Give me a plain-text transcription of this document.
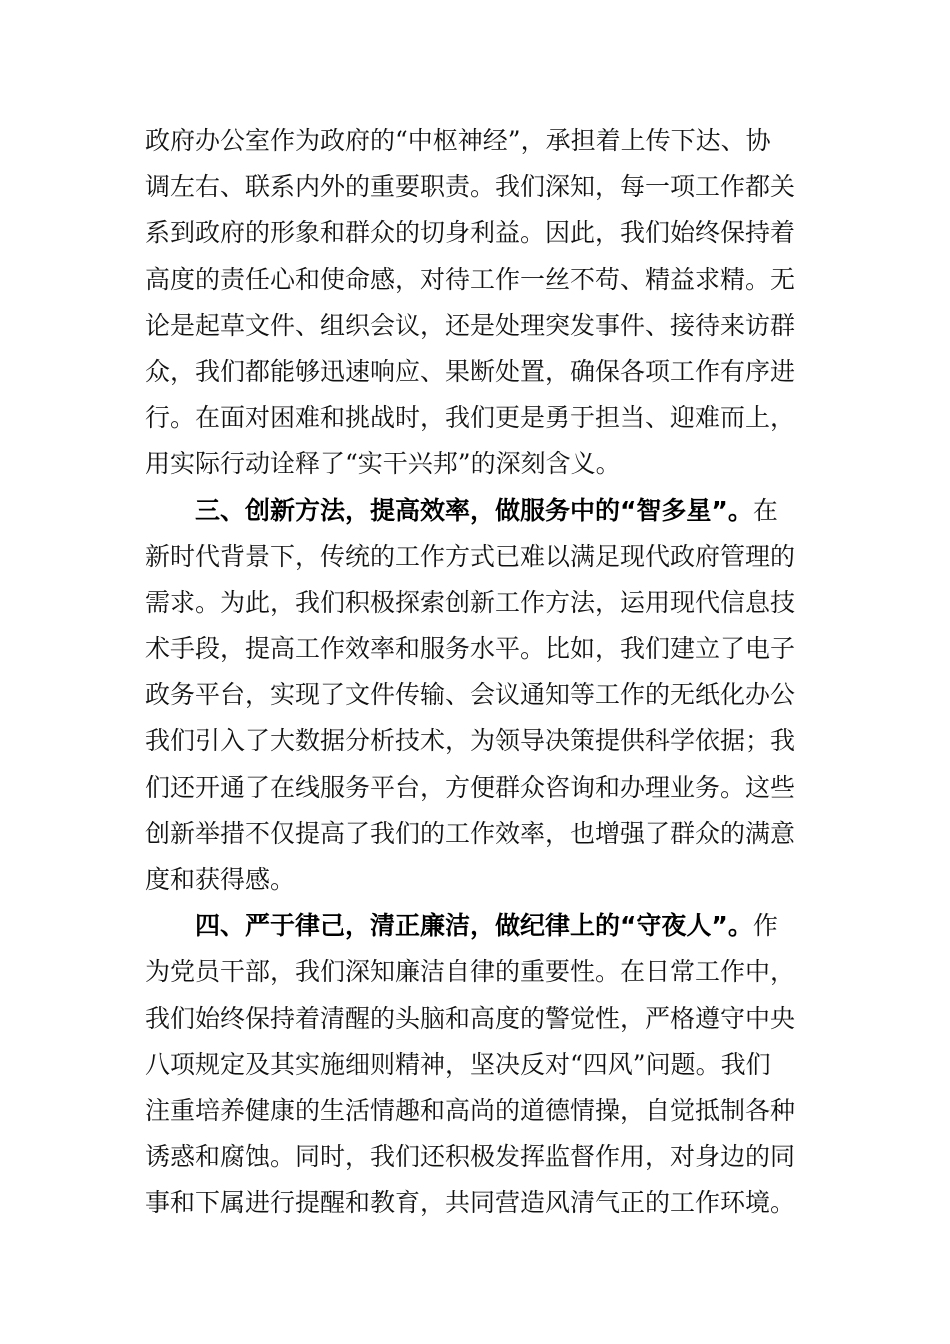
政府办公室作为政府的“中枢神经”，承担着上传下达、协
调左右、联系内外的重要职责。我们深知，每一项工作都关
系到政府的形象和群众的切身利益。因此，我们始终保持着
高度的责任心和使命感，对待工作一丝不苟、精益求精。无
论是起草文件、组织会议，还是处理突发事件、接待来访群
众，我们都能够迅速响应、果断处置，确保各项工作有序进
行。在面对困难和挑战时，我们更是勇于担当、迎难而上，
用实际行动诠释了“实干兴邦”的深刻含义。
三、创新方法，提高效率，做服务中的“智多星”。在
新时代背景下，传统的工作方式已难以满足现代政府管理的
需求。为此，我们积极探索创新工作方法，运用现代信息技
术手段，提高工作效率和服务水平。比如，我们建立了电子
政务平台，实现了文件传输、会议通知等工作的无纸化办公
我们引入了大数据分析技术，为领导决策提供科学依据；我
们还开通了在线服务平台，方便群众咨询和办理业务。这些
创新举措不仅提高了我们的工作效率，也增强了群众的满意
度和获得感。
四、严于律己，清正廉洁，做纪律上的“守夜人”。作
为党员干部，我们深知廉洁自律的重要性。在日常工作中，
我们始终保持着清醒的头脑和高度的警觉性，严格遵守中央
八项规定及其实施细则精神，坚决反对“四风”问题。我们
注重培养健康的生活情趣和高尚的道德情操，自觉抵制各种
诱惑和腐蚀。同时，我们还积极发挥监督作用，对身边的同
事和下属进行提醒和教育，共同营造风清气正的工作环境。
